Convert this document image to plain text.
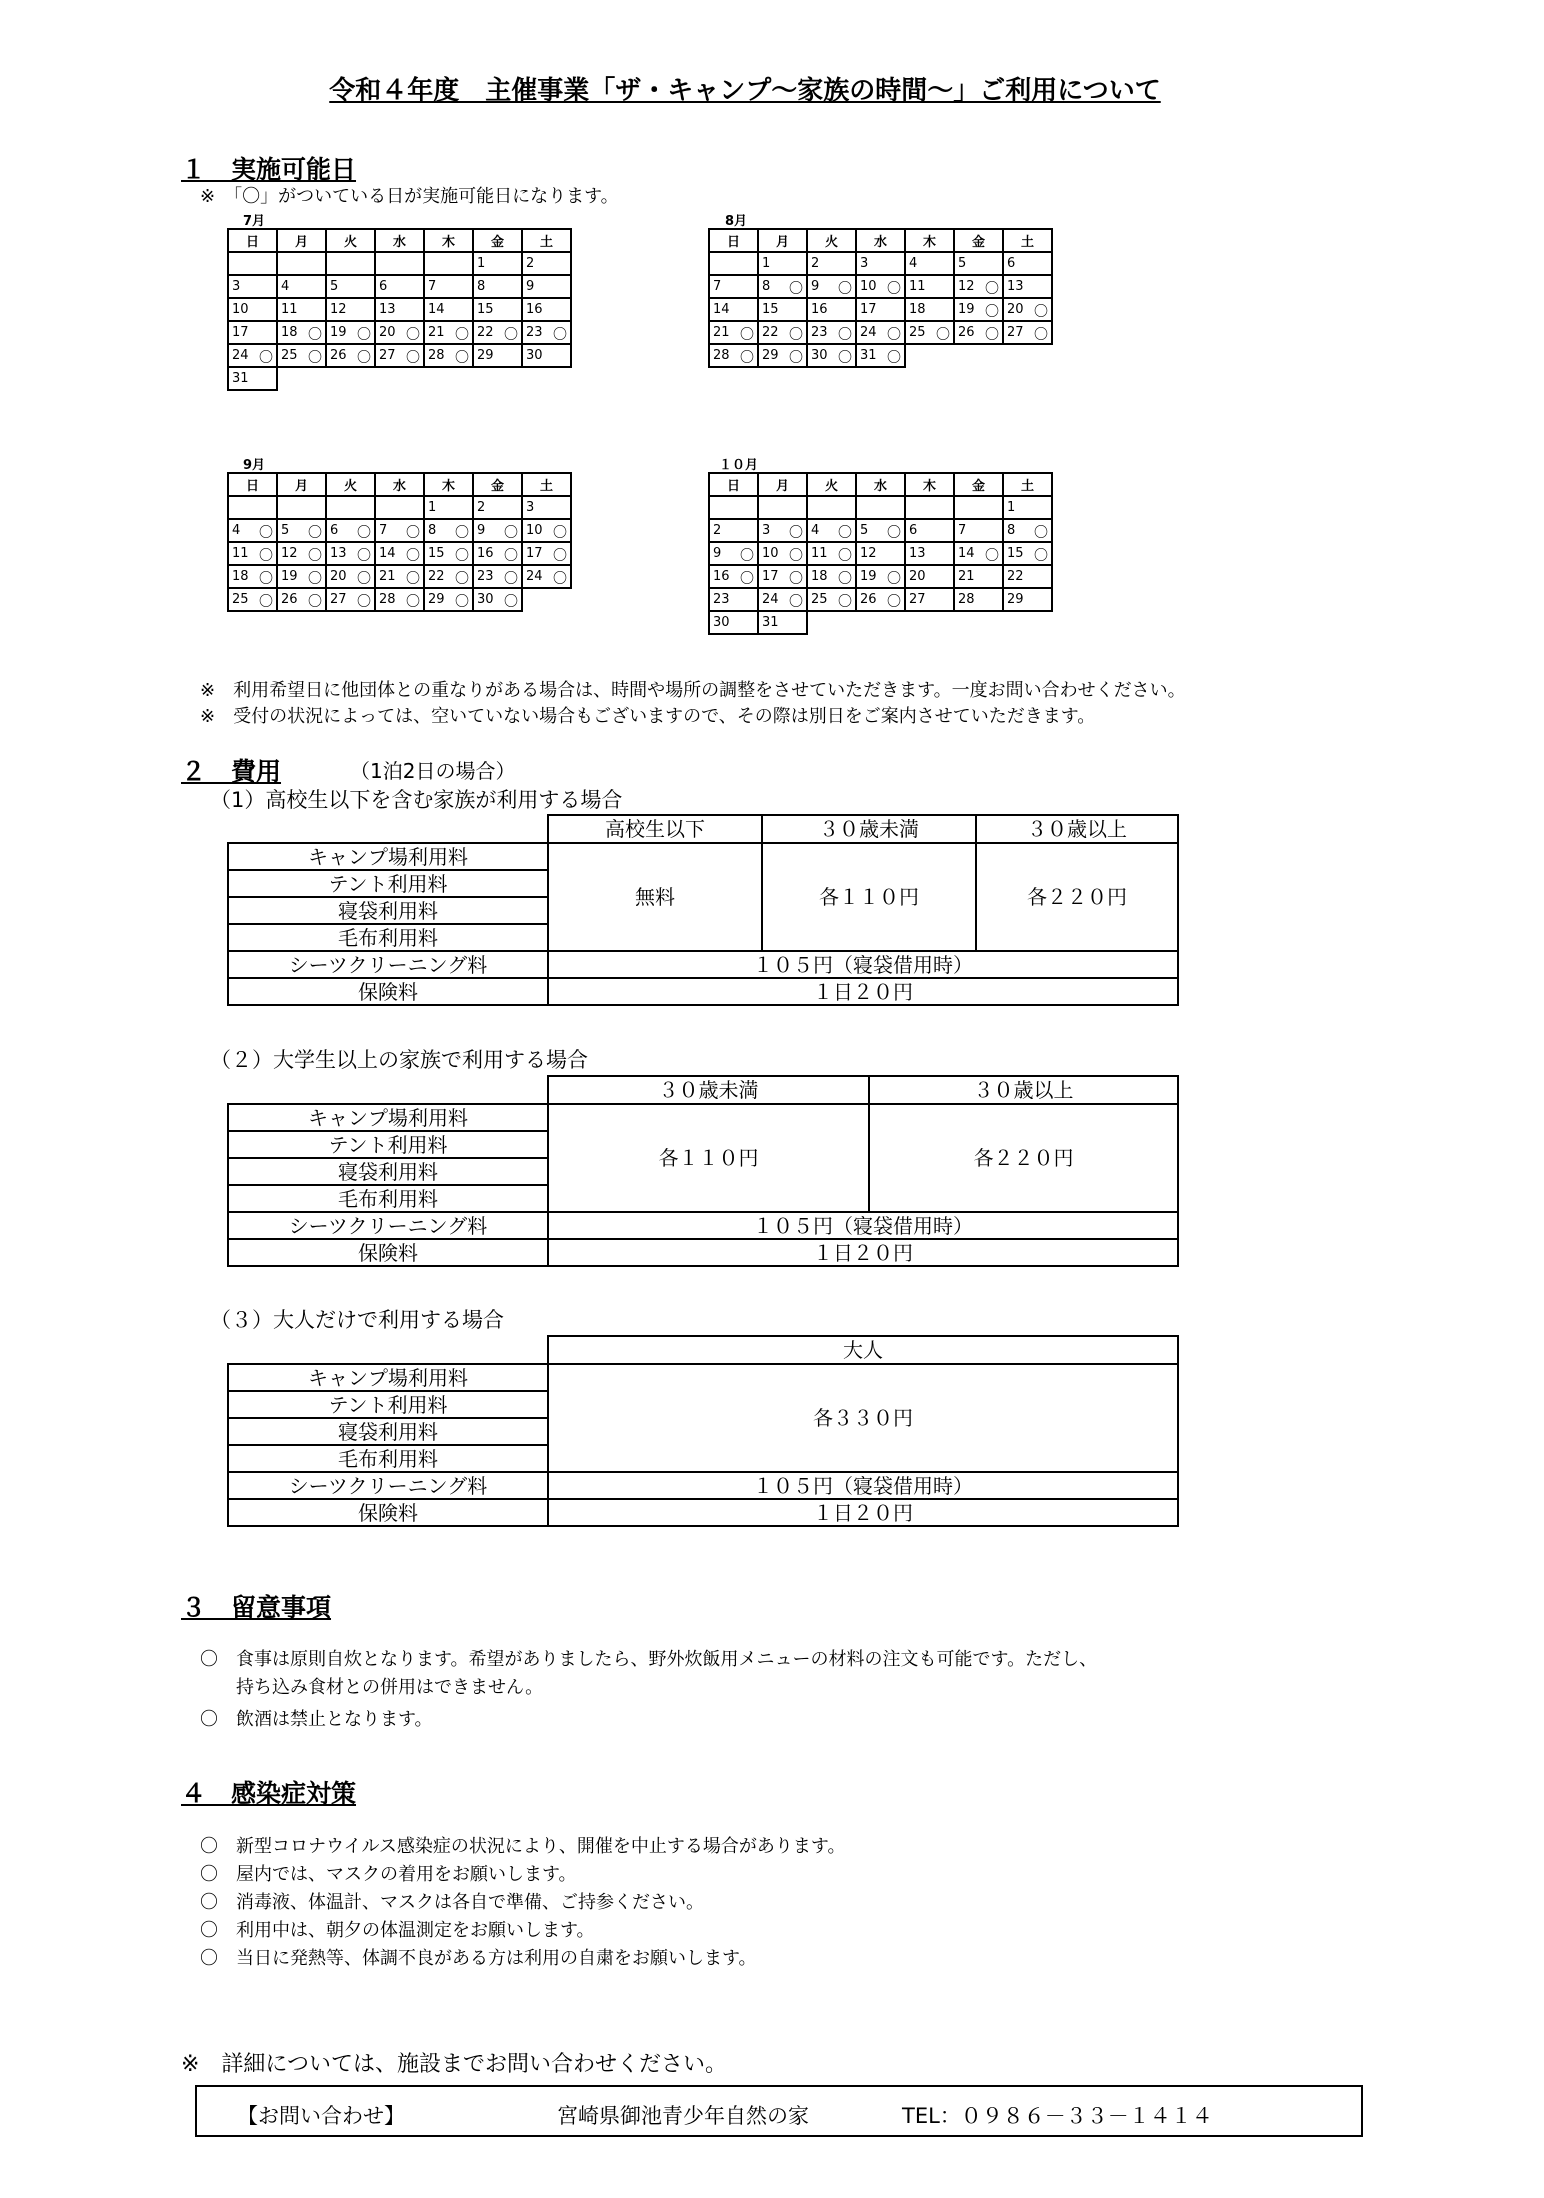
令和４年度　主催事業「ザ・キャンプ～家族の時間～」ご利用について
１　実施可能日
※　「〇」がついている日が実施可能日になります。
7月
日	月	火	水	木	金	土

					1	2

3	4	5	6	7	8	9

10	11	12	13	14	15	16

17	18 〇	19 〇	20 〇	21 〇	22 〇	23 〇

24 〇	25 〇	26 〇	27 〇	28 〇	29	30

31						

8月
日	月	火	水	木	金	土

	1	2	3	4	5	6

7	8 〇	9 〇	10 〇	11	12 〇	13

14	15	16	17	18	19 〇	20 〇

21 〇	22 〇	23 〇	24 〇	25 〇	26 〇	27 〇

28 〇	29 〇	30 〇	31 〇			

9月
日	月	火	水	木	金	土

				1	2	3

4 〇	5 〇	6 〇	7 〇	8 〇	9 〇	10 〇

11 〇	12 〇	13 〇	14 〇	15 〇	16 〇	17 〇

18 〇	19 〇	20 〇	21 〇	22 〇	23 〇	24 〇

25 〇	26 〇	27 〇	28 〇	29 〇	30 〇	

１０月
日	月	火	水	木	金	土

						1

2	3 〇	4 〇	5 〇	6	7	8 〇

9 〇	10 〇	11 〇	12	13	14 〇	15 〇

16 〇	17 〇	18 〇	19 〇	20	21	22

23	24 〇	25 〇	26 〇	27	28	29

30	31					

※　利用希望日に他団体との重なりがある場合は、時間や場所の調整をさせていただきます。一度お問い合わせください。
※　受付の状況によっては、空いていない場合もございますので、その際は別日をご案内させていただきます。
２　費用	（1泊2日の場合）
（1）高校生以下を含む家族が利用する場合
	高校生以下	３０歳未満	３０歳以上
キャンプ場利用料	無料	各１１０円	各２２０円
テント利用料			
寝袋利用料			
毛布利用料			
シーツクリーニング料	１０５円（寝袋借用時）		
保険料	１日２０円		
（２）大学生以上の家族で利用する場合
	３０歳未満	３０歳以上
キャンプ場利用料	各１１０円	各２２０円
テント利用料		
寝袋利用料		
毛布利用料		
シーツクリーニング料	１０５円（寝袋借用時）	
保険料	１日２０円	
（３）大人だけで利用する場合
	大人
キャンプ場利用料	各３３０円
テント利用料	
寝袋利用料	
毛布利用料	
シーツクリーニング料	１０５円（寝袋借用時）
保険料	１日２０円
３　留意事項
〇　食事は原則自炊となります。希望がありましたら、野外炊飯用メニューの材料の注文も可能です。ただし、
　　持ち込み食材との併用はできません。
〇　飲酒は禁止となります。
４　感染症対策
〇　新型コロナウイルス感染症の状況により、開催を中止する場合があります。
〇　屋内では、マスクの着用をお願いします。
〇　消毒液、体温計、マスクは各自で準備、ご持参ください。
〇　利用中は、朝夕の体温測定をお願いします。
〇　当日に発熱等、体調不良がある方は利用の自粛をお願いします。
※　詳細については、施設までお問い合わせください。
【お問い合わせ】	宮崎県御池青少年自然の家	TEL：０９８６－３３－１４１４
